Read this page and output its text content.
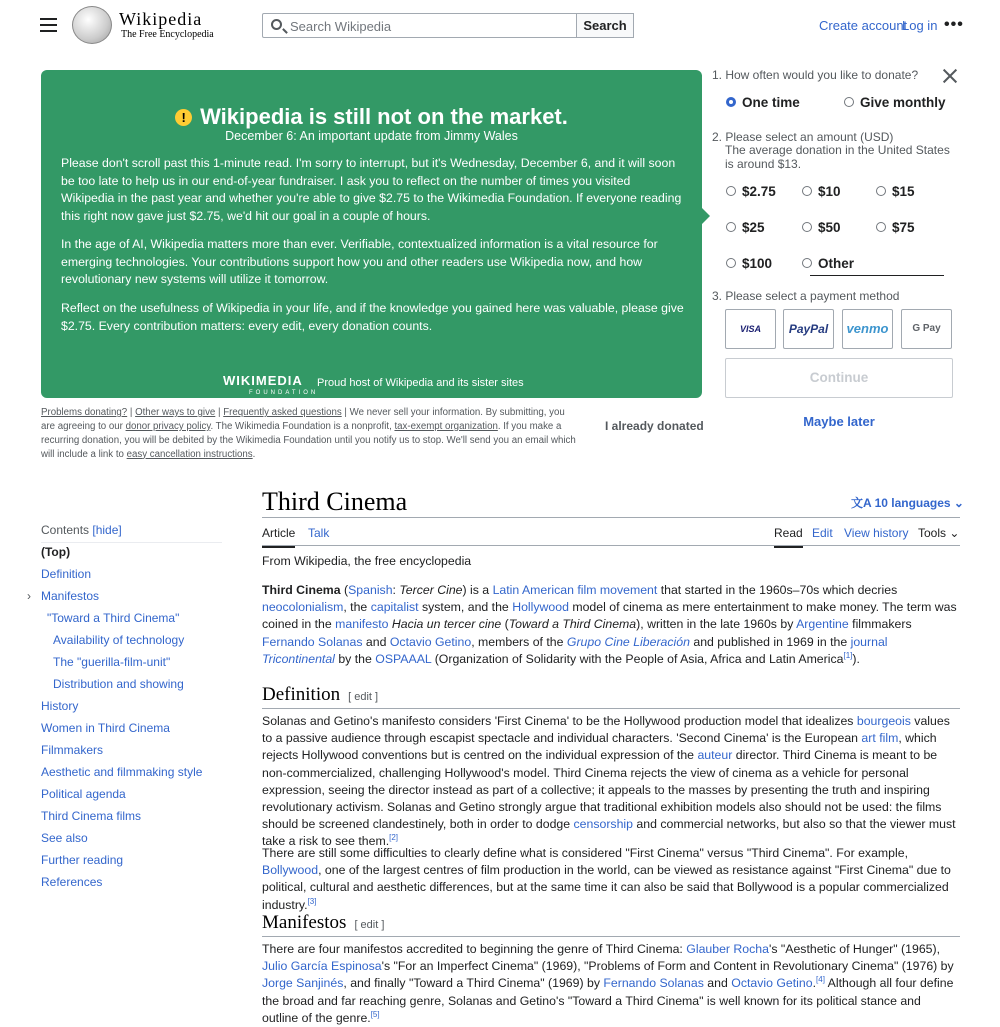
Wikipedia
The Free Encyclopedia
Search Wikipedia
Search	Create account
Log in •••
! Wikipedia is still not on the market.
December 6: An important update from Jimmy Wales

Please don't scroll past this 1-minute read. I'm sorry to interrupt, but it's Wednesday, December 6, and it will soon be too late to help us in our end-of-year fundraiser. I ask you to reflect on the number of times you visited Wikipedia in the past year and whether you're able to give $2.75 to the Wikimedia Foundation. If everyone reading this right now gave just $2.75, we'd hit our goal in a couple of hours.

In the age of AI, Wikipedia matters more than ever. Verifiable, contextualized information is a vital resource for emerging technologies. Your contributions support how you and other readers use Wikipedia now, and how revolutionary new systems will utilize it tomorrow.

Reflect on the usefulness of Wikipedia in your life, and if the knowledge you gained here was valuable, please give $2.75. Every contribution matters: every edit, every donation counts.

WIKIMEDIA
FOUNDATION
Proud host of Wikipedia and its sister sites
Problems donating? | Other ways to give | Frequently asked questions | We never sell your information. By submitting, you are agreeing to our donor privacy policy. The Wikimedia Foundation is a nonprofit, tax-exempt organization. If you make a recurring donation, you will be debited by the Wikimedia Foundation until you notify us to stop. We'll send you an email which will include a link to easy cancellation instructions.
I already donated
1. How often would you like to donate?
One time	Give monthly
2. Please select an amount (USD)
The average donation in the United States is around $13.
$2.75	$10	$15
$25	$50	$75
$100	Other
3. Please select a payment method
VISA	PayPal	venmo	G Pay
Continue
Maybe later
Third Cinema	文A 10 languages ⌄
Article Talk	Read Edit View history Tools ⌄
Contents [hide]
(Top)
Definition
Manifestos
›
"Toward a Third Cinema"
Availability of technology
The "guerilla-film-unit"
Distribution and showing
History
Women in Third Cinema
Filmmakers
Aesthetic and filmmaking style
Political agenda
Third Cinema films
See also
Further reading
References
From Wikipedia, the free encyclopedia
Third Cinema (Spanish: Tercer Cine) is a Latin American film movement that started in the 1960s–70s which decries neocolonialism, the capitalist system, and the Hollywood model of cinema as mere entertainment to make money. The term was coined in the manifesto Hacia un tercer cine (Toward a Third Cinema), written in the late 1960s by Argentine filmmakers Fernando Solanas and Octavio Getino, members of the Grupo Cine Liberación and published in 1969 in the journal Tricontinental by the OSPAAAL (Organization of Solidarity with the People of Asia, Africa and Latin America[1]).
Definition [ edit ]
Solanas and Getino's manifesto considers 'First Cinema' to be the Hollywood production model that idealizes bourgeois values to a passive audience through escapist spectacle and individual characters. 'Second Cinema' is the European art film, which rejects Hollywood conventions but is centred on the individual expression of the auteur director. Third Cinema is meant to be non-commercialized, challenging Hollywood's model. Third Cinema rejects the view of cinema as a vehicle for personal expression, seeing the director instead as part of a collective; it appeals to the masses by presenting the truth and inspiring revolutionary activism. Solanas and Getino strongly argue that traditional exhibition models also should not be used: the films should be screened clandestinely, both in order to dodge censorship and commercial networks, but also so that the viewer must take a risk to see them.[2]
There are still some difficulties to clearly define what is considered "First Cinema" versus "Third Cinema". For example, Bollywood, one of the largest centres of film production in the world, can be viewed as resistance against "First Cinema" due to political, cultural and aesthetic differences, but at the same time it can also be said that Bollywood is a popular commercialized industry.[3]
Manifestos [ edit ]
There are four manifestos accredited to beginning the genre of Third Cinema: Glauber Rocha's "Aesthetic of Hunger" (1965), Julio García Espinosa's "For an Imperfect Cinema" (1969), "Problems of Form and Content in Revolutionary Cinema" (1976) by Jorge Sanjinés, and finally "Toward a Third Cinema" (1969) by Fernando Solanas and Octavio Getino.[4] Although all four define the broad and far reaching genre, Solanas and Getino's "Toward a Third Cinema" is well known for its political stance and outline of the genre.[5]
